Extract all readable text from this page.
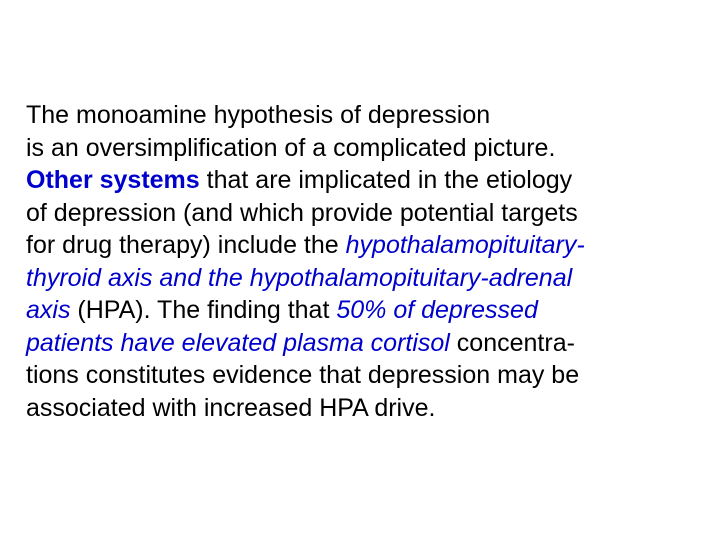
The monoamine hypothesis of depression
is an oversimplification of a complicated picture.
Other systems that are implicated in the etiology
of depression (and which provide potential targets
for drug therapy) include the hypothalamopituitary-
thyroid axis and the hypothalamopituitary-adrenal
axis (HPA). The finding that 50% of depressed
patients have elevated plasma cortisol concentra-
tions constitutes evidence that depression may be
associated with increased HPA drive.
